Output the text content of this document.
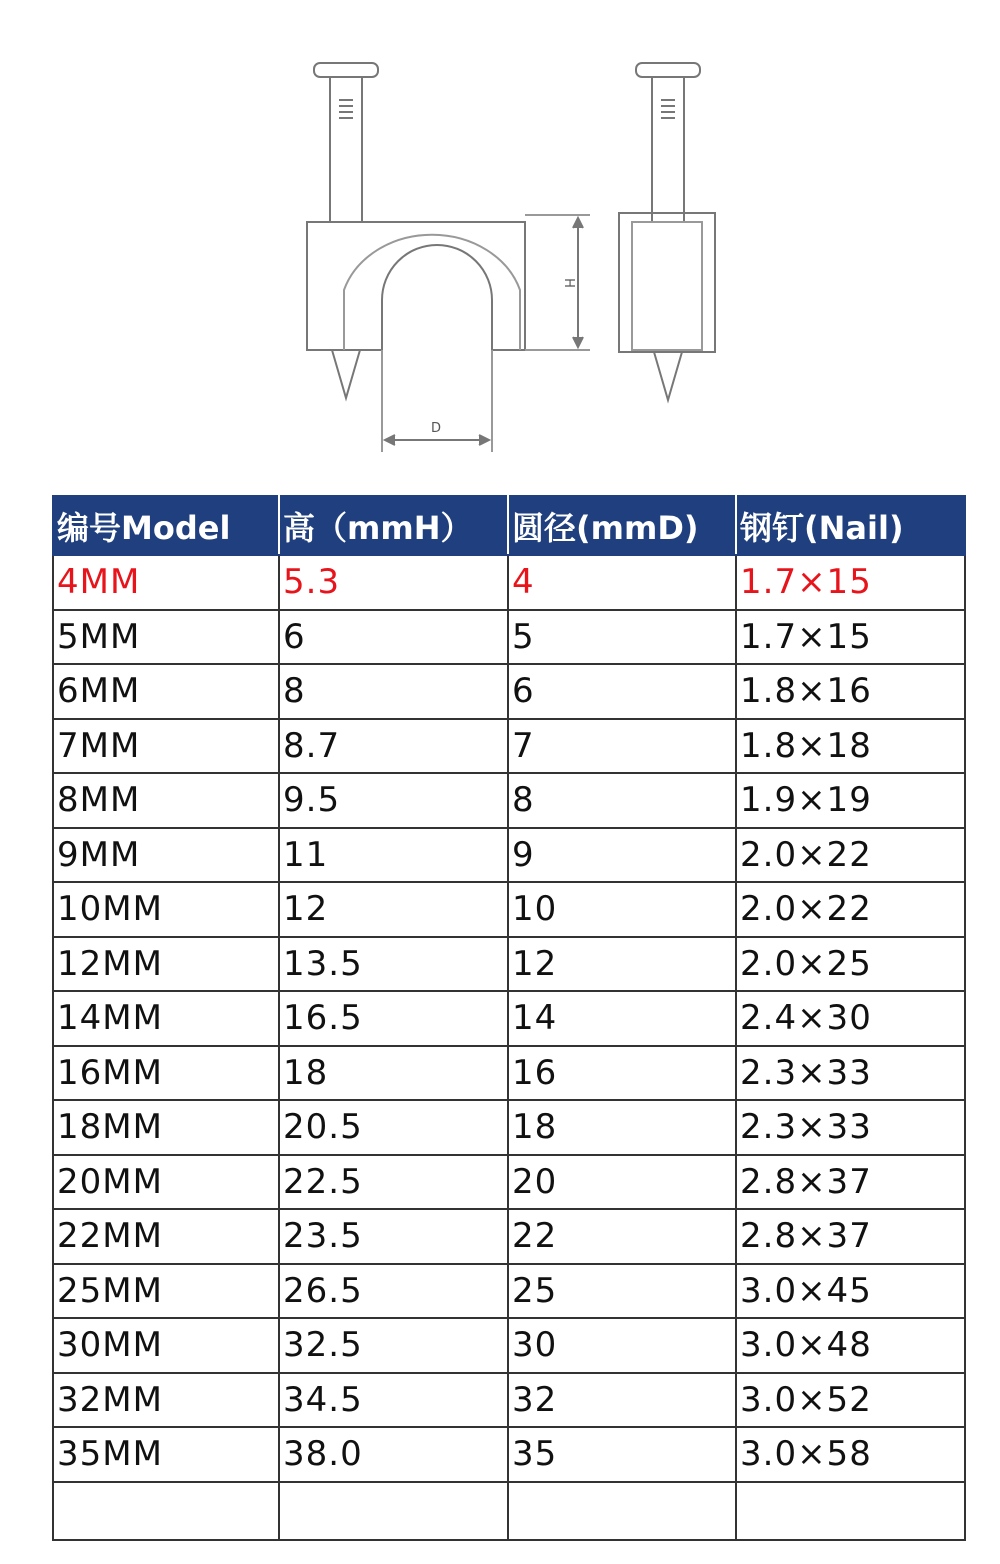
H
D
编号Model	高（mmH）	圆径(mmD)	钢钉(Nail)
4MM	5.3	4	1.7×15
5MM	6	5	1.7×15
6MM	8	6	1.8×16
7MM	8.7	7	1.8×18
8MM	9.5	8	1.9×19
9MM	11	9	2.0×22
10MM	12	10	2.0×22
12MM	13.5	12	2.0×25
14MM	16.5	14	2.4×30
16MM	18	16	2.3×33
18MM	20.5	18	2.3×33
20MM	22.5	20	2.8×37
22MM	23.5	22	2.8×37
25MM	26.5	25	3.0×45
30MM	32.5	30	3.0×48
32MM	34.5	32	3.0×52
35MM	38.0	35	3.0×58
